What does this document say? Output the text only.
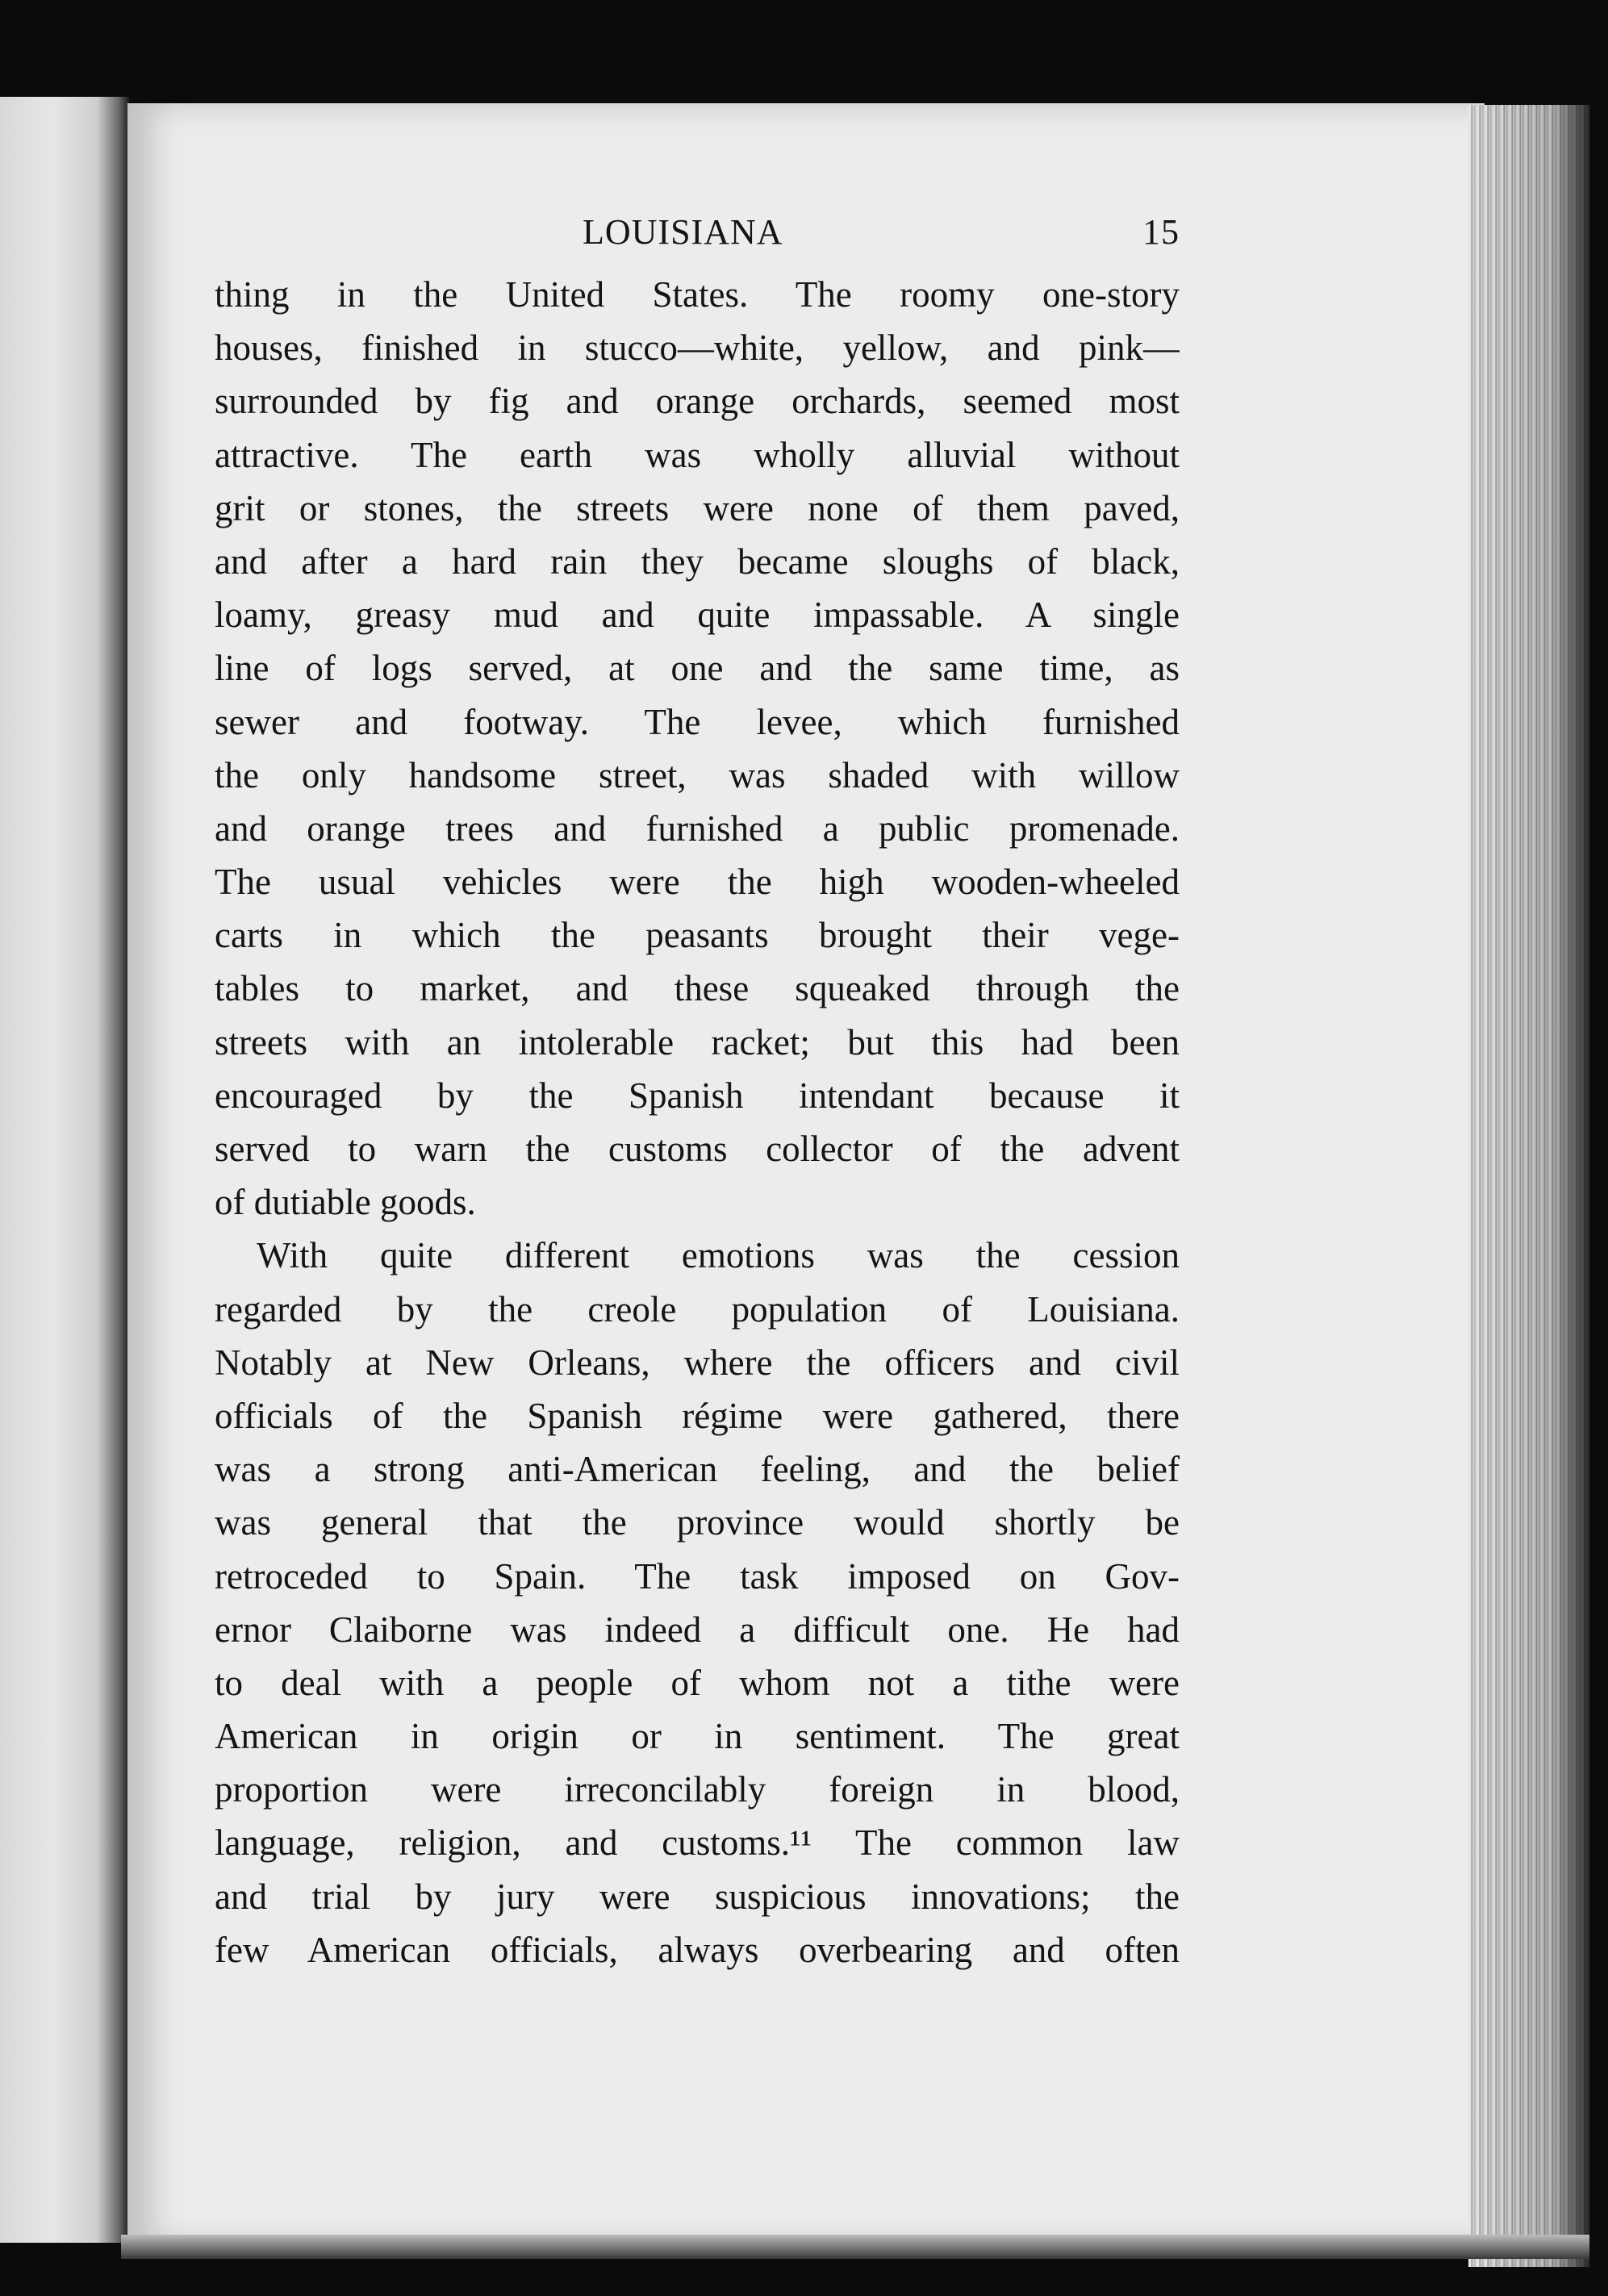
LOUISIANA	15
thing in the United States. The roomy one-story
houses, finished in stucco—white, yellow, and pink—
surrounded by fig and orange orchards, seemed most
attractive. The earth was wholly alluvial without
grit or stones, the streets were none of them paved,
and after a hard rain they became sloughs of black,
loamy, greasy mud and quite impassable. A single
line of logs served, at one and the same time, as
sewer and footway. The levee, which furnished
the only handsome street, was shaded with willow
and orange trees and furnished a public promenade.
The usual vehicles were the high wooden-wheeled
carts in which the peasants brought their vege-
tables to market, and these squeaked through the
streets with an intolerable racket; but this had been
encouraged by the Spanish intendant because it
served to warn the customs collector of the advent
of dutiable goods.
With quite different emotions was the cession
regarded by the creole population of Louisiana.
Notably at New Orleans, where the officers and civil
officials of the Spanish régime were gathered, there
was a strong anti-American feeling, and the belief
was general that the province would shortly be
retroceded to Spain. The task imposed on Gov-
ernor Claiborne was indeed a difficult one. He had
to deal with a people of whom not a tithe were
American in origin or in sentiment. The great
proportion were irreconcilably foreign in blood,
language, religion, and customs.¹¹ The common law
and trial by jury were suspicious innovations; the
few American officials, always overbearing and often
